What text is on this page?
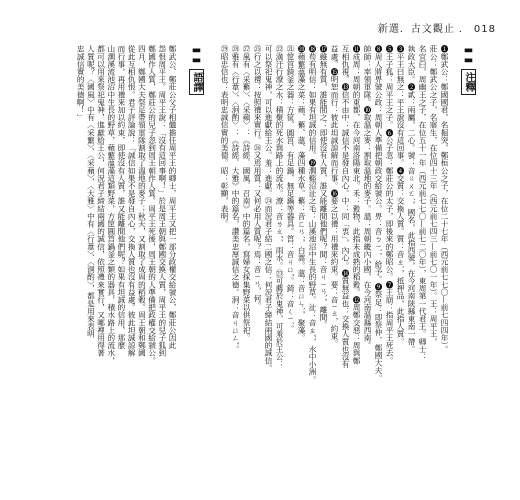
新選．古文觀止 ． 018
▬▬注釋
❶鄭武公：鄭國國君，名掘突，鄭桓公之子，在位二十七年（西元前七七〇—前七四四年）。
莊公：鄭武公之子，名寤生，在位四十三年（西元前七四三—前七〇一年）。王：周平王，
名宜臼，周幽王之子，在位五十一年（西元前七七〇—前七二〇年），東周第一代君王。卿士：
執政大臣。❷貳：兩屬，二心。虢：音ㄍㄨㄛˊ，國名，此指西虢，在今河南陝縣東南一帶。
❸平王曰無之：平王說沒有這回事。❹交質：交換人質。質：音ㄓˋ，抵押品，此指人質。
❺王子狐：周平王之子。❻公子忽：鄭莊公的太子，即後來的鄭昭公。❼王崩：指周平王死去。
❽周人將畀虢公政：周朝人準備把朝政交給虢公。畀：音ㄅㄧˋ，給予。❾祭足：即祭仲，鄭國大夫。
帥師：率領軍隊。❿取溫之麥：割取溫地的麥子。溫：周朝畿內小國，在今河南溫縣西南。
⓫成周：周朝的東都，在今河南洛陽東北。禾：穀物，此指未成熟的稻穀。⓬周鄭交惡：周與鄭
互相仇視。⓭信不由中：誠信不是發自內心。中：同「衷」，內心。⓮質無益也：交換人質也沒有
益處。⓯明恕而行：彼此坦誠諒解而行事。⓰要之以禮：用禮來約束。要：音ㄧㄠ，約束。
⓱雖無有質，誰能間之：即使沒有人質，誰又能離間他們呢？間：音ㄐㄧㄢˋ，離間。
⓲苟有明信：如果有坦誠的信用。⓳澗谿沼沚之毛：山溪池沼中生長的野草。沚：音ㄓˇ，水中小洲。
⓴蘋蘩薀藻之菜：蘋、蘩、薀、藻四種水草。蘩：音ㄈㄢˊ，白蒿。薀：音ㄩㄣˋ，聚藻。
㉑筐筥錡釜之器：方筐、圓筥、有足鍋、無足鍋等器具。筥：音ㄐㄩˇ。錡：音ㄑㄧˊ。
㉒潢汙行潦之水：積聚的死水與路上的流水。潦：音ㄌㄠˇ，雨水。㉓可薦於鬼神，可羞於王公：
可以祭祀鬼神，可以進獻給王公。羞：進獻。㉔而況君子結二國之信：何況君子締結兩國的誠信。
㉕行之以禮：按照禮來實行。㉖又焉用質：又何必用人質呢？焉：音ㄧㄢ，何。
㉗風有〈采蘩〉、〈采蘋〉：《詩經．國風．召南》中的篇名，寫婦女採集野菜以供祭祀。
㉘雅有〈行葦〉、〈泂酌〉：《詩經．大雅》中的篇名，讚美忠厚誠信之德。泂：音ㄐㄩㄥˇ。
㉙昭忠信也：表明忠誠信實的美德。昭：彰顯，表明。
▬▬語譯
鄭武公、鄭莊公父子相繼擔任周平王的卿士，周平王又把一部分政權交給虢公，鄭莊公因此
怨恨周平王。周平王說：「沒有這回事啊！」於是周王朝與鄭國交換人質，周平王的兒子狐到
鄭國作人質，鄭莊公的兒子忽到周王朝作人質。周平王死後，周王朝的人準備把政權交給虢公。
四月，鄭國大夫祭足帶領軍隊割取了溫地的麥子；秋天，又割取了成周的稻穀。周王朝和鄭國
從此互相仇恨。君子評論說：「誠信如果不是發自內心，交換人質也沒有益處。彼此坦誠諒解
而行事，再用禮來加以約束，即使沒有人質，誰又能離間他們呢？如果有坦誠的信用，那麼
山澗溪流池沼中生長的野草，蘋蘩薀藻這類野菜，方筐圓筥鍋釜之類的器具，積水路上的流水，
都可以用來祭祀鬼神，進獻給王公，何況君子締結兩國的誠信，依照禮來實行，又哪裡用得著
人質呢？〈國風〉中有〈采蘩〉、〈采蘋〉，〈大雅〉中有〈行葦〉、〈泂酌〉，都是用來表明
忠誠信實的美德啊！」
